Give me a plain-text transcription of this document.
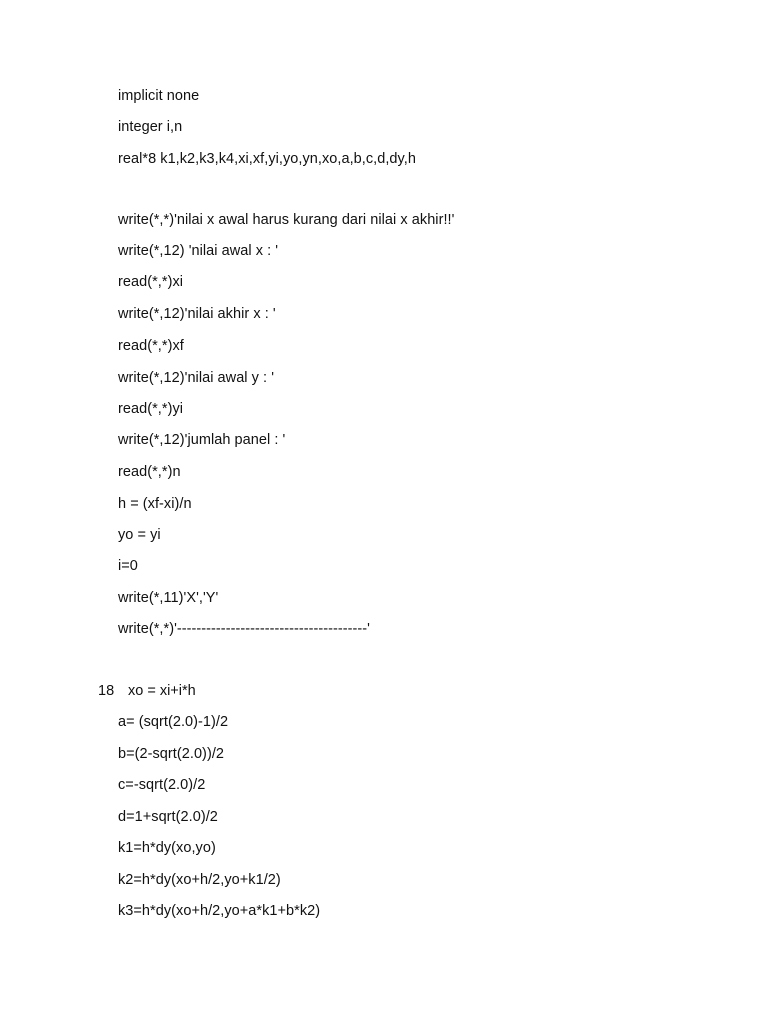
implicit none
integer i,n
real*8 k1,k2,k3,k4,xi,xf,yi,yo,yn,xo,a,b,c,d,dy,h
write(*,*)'nilai x awal harus kurang dari nilai x akhir!!'
write(*,12) 'nilai awal x : '
read(*,*)xi
write(*,12)'nilai akhir x : '
read(*,*)xf
write(*,12)'nilai awal y : '
read(*,*)yi
write(*,12)'jumlah panel : '
read(*,*)n
h = (xf-xi)/n
yo = yi
i=0
write(*,11)'X','Y'
write(*,*)'---------------------------------------'
18 xo = xi+i*h
a= (sqrt(2.0)-1)/2
b=(2-sqrt(2.0))/2
c=-sqrt(2.0)/2
d=1+sqrt(2.0)/2
k1=h*dy(xo,yo)
k2=h*dy(xo+h/2,yo+k1/2)
k3=h*dy(xo+h/2,yo+a*k1+b*k2)
